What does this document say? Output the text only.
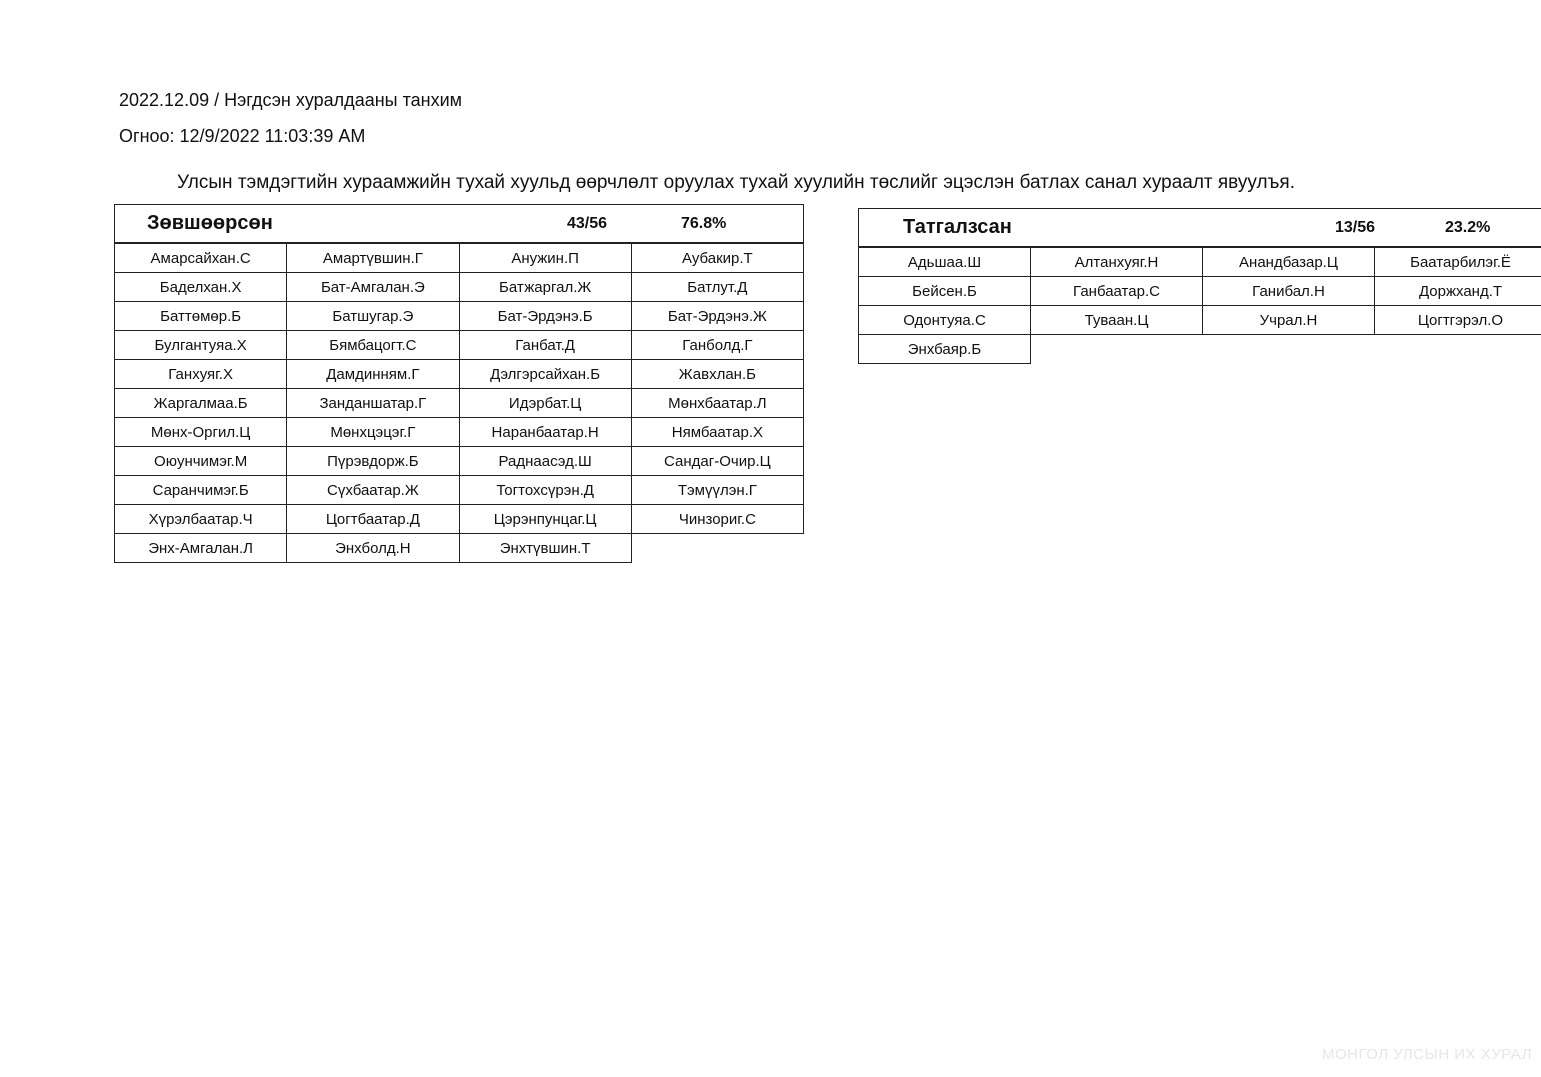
2022.12.09 / Нэгдсэн хуралдааны танхим
Огноо: 12/9/2022 11:03:39 AM
Улсын тэмдэгтийн хураамжийн тухай хуульд өөрчлөлт оруулах тухай хуулийн төслийг эцэслэн батлах санал хураалт явуулъя.
Зөвшөөрсөн 43/56 76.8%			

Амарсайхан.С	Амартүвшин.Г	Анужин.П	Аубакир.Т
Баделхан.Х	Бат-Амгалан.Э	Батжаргал.Ж	Батлут.Д
Баттөмөр.Б	Батшугар.Э	Бат-Эрдэнэ.Б	Бат-Эрдэнэ.Ж
Булгантуяа.Х	Бямбацогт.С	Ганбат.Д	Ганболд.Г
Ганхуяг.Х	Дамдинням.Г	Дэлгэрсайхан.Б	Жавхлан.Б
Жаргалмаа.Б	Занданшатар.Г	Идэрбат.Ц	Мөнхбаатар.Л
Мөнх-Оргил.Ц	Мөнхцэцэг.Г	Наранбаатар.Н	Нямбаатар.Х
Оюунчимэг.М	Пүрэвдорж.Б	Раднаасэд.Ш	Сандаг-Очир.Ц
Саранчимэг.Б	Сүхбаатар.Ж	Тогтохсүрэн.Д	Тэмүүлэн.Г
Хүрэлбаатар.Ч	Цогтбаатар.Д	Цэрэнпунцаг.Ц	Чинзориг.С
Энх-Амгалан.Л	Энхболд.Н	Энхтүвшин.Т	
Татгалзсан 13/56 23.2%			

Адьшаа.Ш	Алтанхуяг.Н	Анандбазар.Ц	Баатарбилэг.Ё
Бейсен.Б	Ганбаатар.С	Ганибал.Н	Доржханд.Т
Одонтуяа.С	Туваан.Ц	Учрал.Н	Цогтгэрэл.О
Энхбаяр.Б			
МОНГОЛ УЛСЫН ИХ ХУРАЛ
